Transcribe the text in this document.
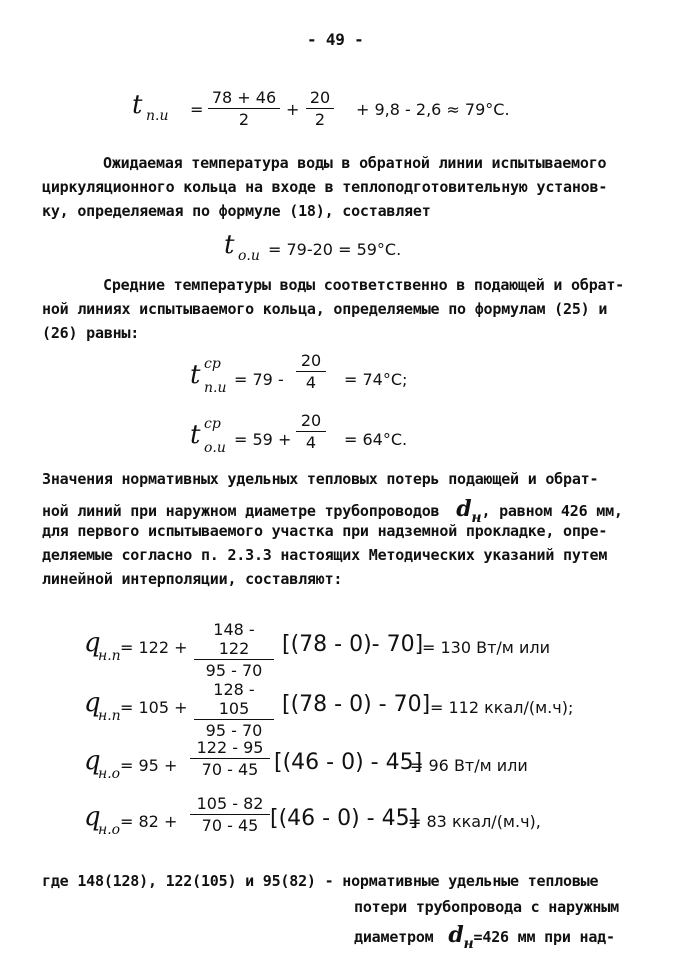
- 49 -
t $п.и = \frac{78 + 46}{2} + \frac{20}{2} + 9,8 - 2,6 \approx 79^\circ С$.
Ожидаемая температура воды в обратной линии испытываемого
циркуляционного кольца на входе в теплоподготовительную установ-
ку, определяемая по формуле (18), составляет
t о.и = 79-20 = 59°С.
Средние температуры воды соответственно в подающей и обрат-
ной линиях испытываемого кольца, определяемые по формулам (25) и
(26) равны:
t ср
$п.и = 79 - \frac{20}{4} = 74^\circ С$;
t ср
$о.и = 59 + \frac{20}{4} = 64^\circ С$.
Значения нормативных удельных тепловых потерь подающей и обрат-
ной линий при наружном диаметре трубопроводов dн, равном 426 мм,
для первого испытываемого участка при надземной прокладке, опре-
деляемые согласно п. 2.3.3 настоящих Методических указаний путем
линейной интерполяции, составляют:
q
$н.п = 122 + \frac{148 - 122}{95 - 70} [(78 - 0)-$ 70]
= 130 Вт/м или
q
$н.п = 105 + \frac{128 - 105}{95 - 70} [(78 - 0) - 70] = 112$ ккал/(м.ч);
q
$н.о = 95 + \frac{122 - 95}{70 - 45} [(46 - 0) - 45]$
= 96 Вт/м или
q
$н.о = 82 + \frac{105 - 82}{70 - 45} [(46 - 0) - 45]$
= 83 ккал/(м.ч),
где 148(128), 122(105) и 95(82) - нормативные удельные тепловые
потери трубопровода с наружным
диаметром dн=426 мм при над-
